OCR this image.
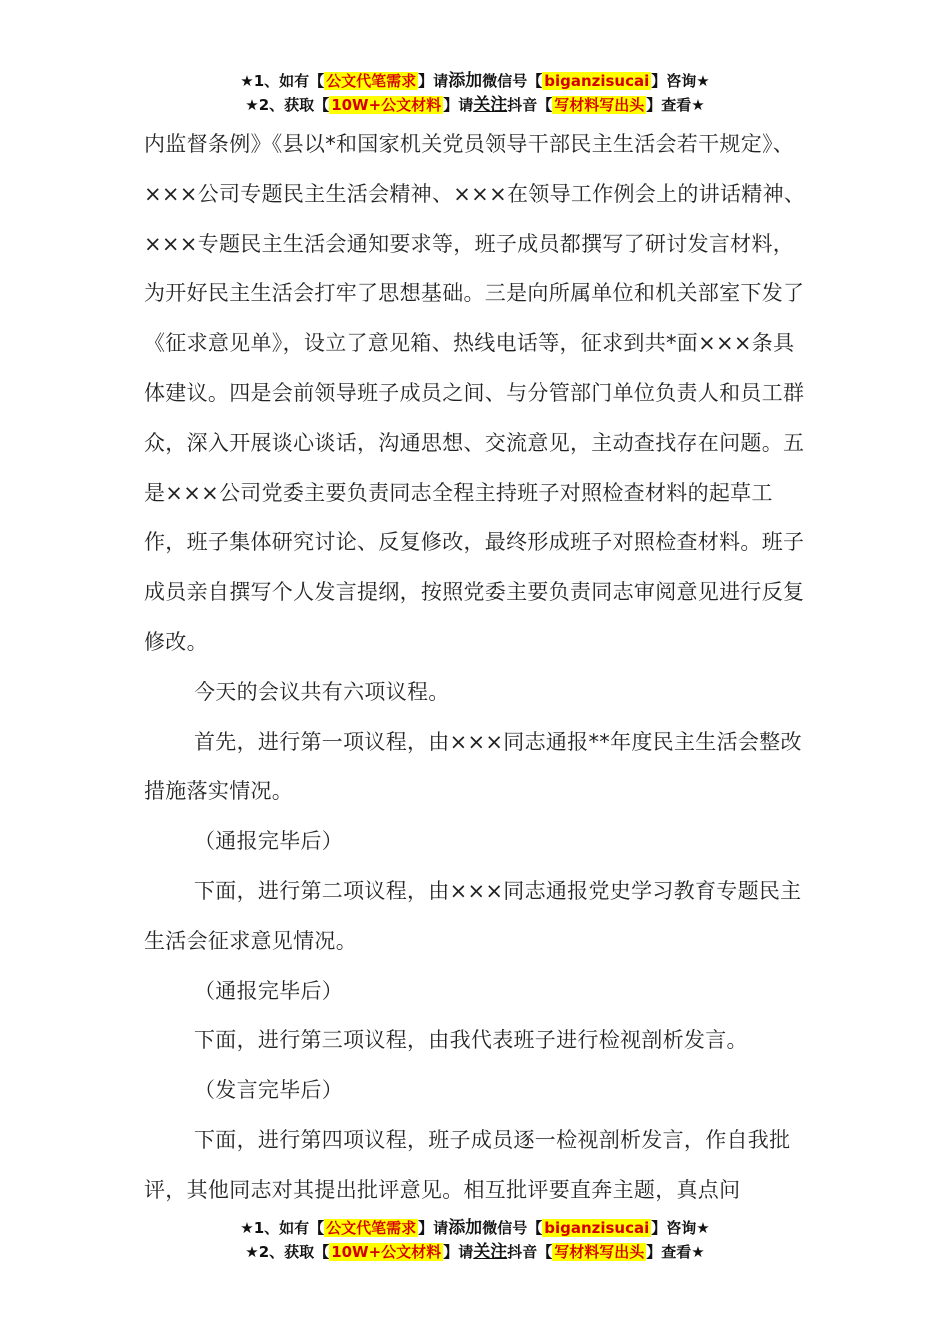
★1、如有【 公文代笔需求 】请添加微信号【 biganzisucai 】咨询★
★2、获取【 10W+公文材料 】请关注抖音【 写材料写出头 】查看★

内监督条例》《县以*和国家机关党员领导干部民主生活会若干规定》、×××公司专题民主生活会精神、×××在领导工作例会上的讲话精神、×××专题民主生活会通知要求等，班子成员都撰写了研讨发言材料，为开好民主生活会打牢了思想基础。三是向所属单位和机关部室下发了《征求意见单》，设立了意见箱、热线电话等，征求到共*面×××条具体建议。四是会前领导班子成员之间、与分管部门单位负责人和员工群众，深入开展谈心谈话，沟通思想、交流意见，主动查找存在问题。五是×××公司党委主要负责同志全程主持班子对照检查材料的起草工作，班子集体研究讨论、反复修改，最终形成班子对照检查材料。班子成员亲自撰写个人发言提纲，按照党委主要负责同志审阅意见进行反复修改。

今天的会议共有六项议程。

首先，进行第一项议程，由×××同志通报**年度民主生活会整改措施落实情况。

（通报完毕后）

下面，进行第二项议程，由×××同志通报党史学习教育专题民主生活会征求意见情况。

（通报完毕后）

下面，进行第三项议程，由我代表班子进行检视剖析发言。

（发言完毕后）

下面，进行第四项议程，班子成员逐一检视剖析发言，作自我批评，其他同志对其提出批评意见。相互批评要直奔主题，真点问

★1、如有【 公文代笔需求 】请添加微信号【 biganzisucai 】咨询★
★2、获取【 10W+公文材料 】请关注抖音【 写材料写出头 】查看★
